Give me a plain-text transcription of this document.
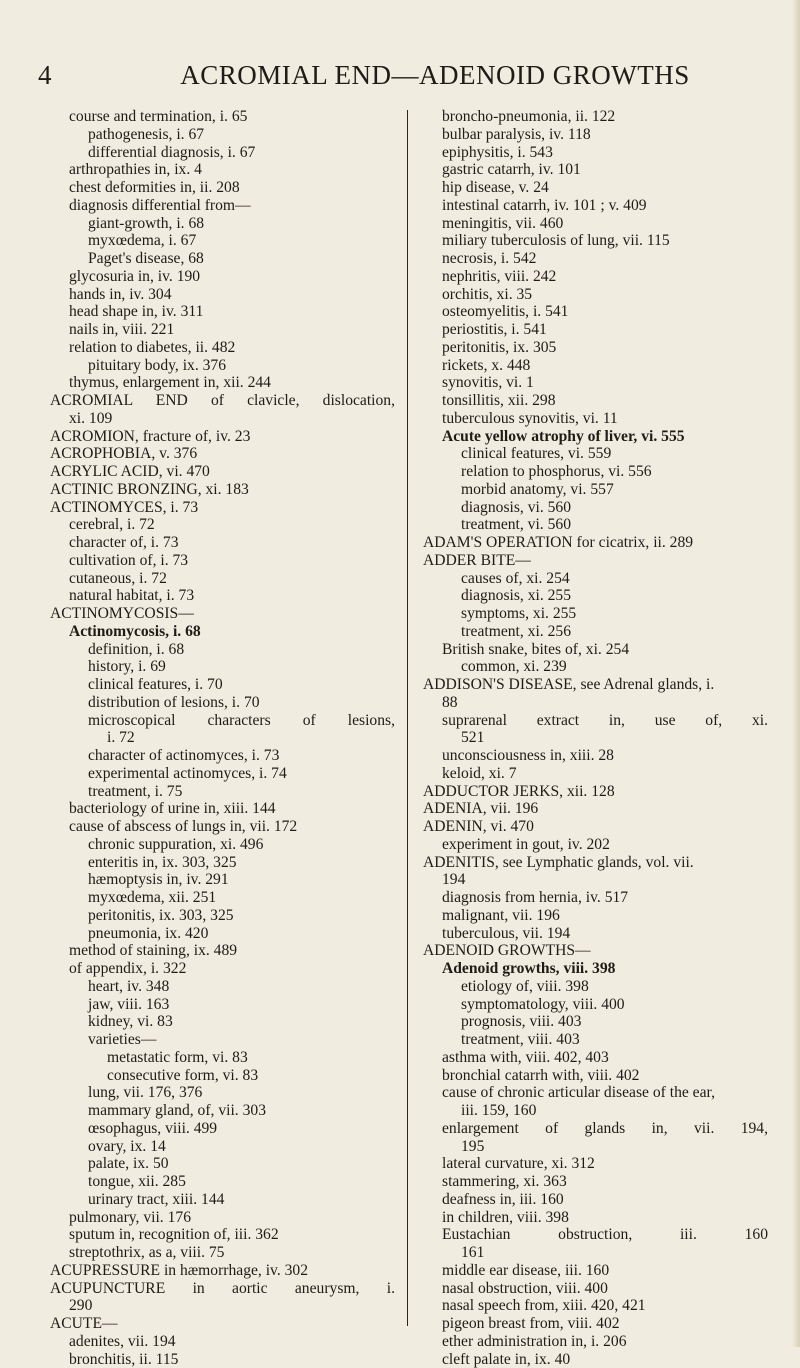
4	ACROMIAL END—ADENOID GROWTHS
course and termination, i. 65
pathogenesis, i. 67
differential diagnosis, i. 67
arthropathies in, ix. 4
chest deformities in, ii. 208
diagnosis differential from—
giant-growth, i. 68
myxœdema, i. 67
Paget's disease, 68
glycosuria in, iv. 190
hands in, iv. 304
head shape in, iv. 311
nails in, viii. 221
relation to diabetes, ii. 482
pituitary body, ix. 376
thymus, enlargement in, xii. 244
ACROMIAL END of clavicle, dislocation,
xi. 109
ACROMION, fracture of, iv. 23
ACROPHOBIA, v. 376
ACRYLIC ACID, vi. 470
ACTINIC BRONZING, xi. 183
ACTINOMYCES, i. 73
cerebral, i. 72
character of, i. 73
cultivation of, i. 73
cutaneous, i. 72
natural habitat, i. 73
ACTINOMYCOSIS—
Actinomycosis, i. 68
definition, i. 68
history, i. 69
clinical features, i. 70
distribution of lesions, i. 70
microscopical characters of lesions,
i. 72
character of actinomyces, i. 73
experimental actinomyces, i. 74
treatment, i. 75
bacteriology of urine in, xiii. 144
cause of abscess of lungs in, vii. 172
chronic suppuration, xi. 496
enteritis in, ix. 303, 325
hæmoptysis in, iv. 291
myxœdema, xii. 251
peritonitis, ix. 303, 325
pneumonia, ix. 420
method of staining, ix. 489
of appendix, i. 322
heart, iv. 348
jaw, viii. 163
kidney, vi. 83
varieties—
metastatic form, vi. 83
consecutive form, vi. 83
lung, vii. 176, 376
mammary gland, of, vii. 303
œsophagus, viii. 499
ovary, ix. 14
palate, ix. 50
tongue, xii. 285
urinary tract, xiii. 144
pulmonary, vii. 176
sputum in, recognition of, iii. 362
streptothrix, as a, viii. 75
ACUPRESSURE in hæmorrhage, iv. 302
ACUPUNCTURE in aortic aneurysm, i.
290
ACUTE—
adenites, vii. 194
bronchitis, ii. 115
broncho-pneumonia, ii. 122
bulbar paralysis, iv. 118
epiphysitis, i. 543
gastric catarrh, iv. 101
hip disease, v. 24
intestinal catarrh, iv. 101 ; v. 409
meningitis, vii. 460
miliary tuberculosis of lung, vii. 115
necrosis, i. 542
nephritis, viii. 242
orchitis, xi. 35
osteomyelitis, i. 541
periostitis, i. 541
peritonitis, ix. 305
rickets, x. 448
synovitis, vi. 1
tonsillitis, xii. 298
tuberculous synovitis, vi. 11
Acute yellow atrophy of liver, vi. 555
clinical features, vi. 559
relation to phosphorus, vi. 556
morbid anatomy, vi. 557
diagnosis, vi. 560
treatment, vi. 560
ADAM'S OPERATION for cicatrix, ii. 289
ADDER BITE—
causes of, xi. 254
diagnosis, xi. 255
symptoms, xi. 255
treatment, xi. 256
British snake, bites of, xi. 254
common, xi. 239
ADDISON'S DISEASE, see Adrenal glands, i.
88
suprarenal extract in, use of, xi.
521
unconsciousness in, xiii. 28
keloid, xi. 7
ADDUCTOR JERKS, xii. 128
ADENIA, vii. 196
ADENIN, vi. 470
experiment in gout, iv. 202
ADENITIS, see Lymphatic glands, vol. vii.
194
diagnosis from hernia, iv. 517
malignant, vii. 196
tuberculous, vii. 194
ADENOID GROWTHS—
Adenoid growths, viii. 398
etiology of, viii. 398
symptomatology, viii. 400
prognosis, viii. 403
treatment, viii. 403
asthma with, viii. 402, 403
bronchial catarrh with, viii. 402
cause of chronic articular disease of the ear,
iii. 159, 160
enlargement of glands in, vii. 194,
195
lateral curvature, xi. 312
stammering, xi. 363
deafness in, iii. 160
in children, viii. 398
Eustachian obstruction, iii. 160
161
middle ear disease, iii. 160
nasal obstruction, viii. 400
nasal speech from, xiii. 420, 421
pigeon breast from, viii. 402
ether administration in, i. 206
cleft palate in, ix. 40
